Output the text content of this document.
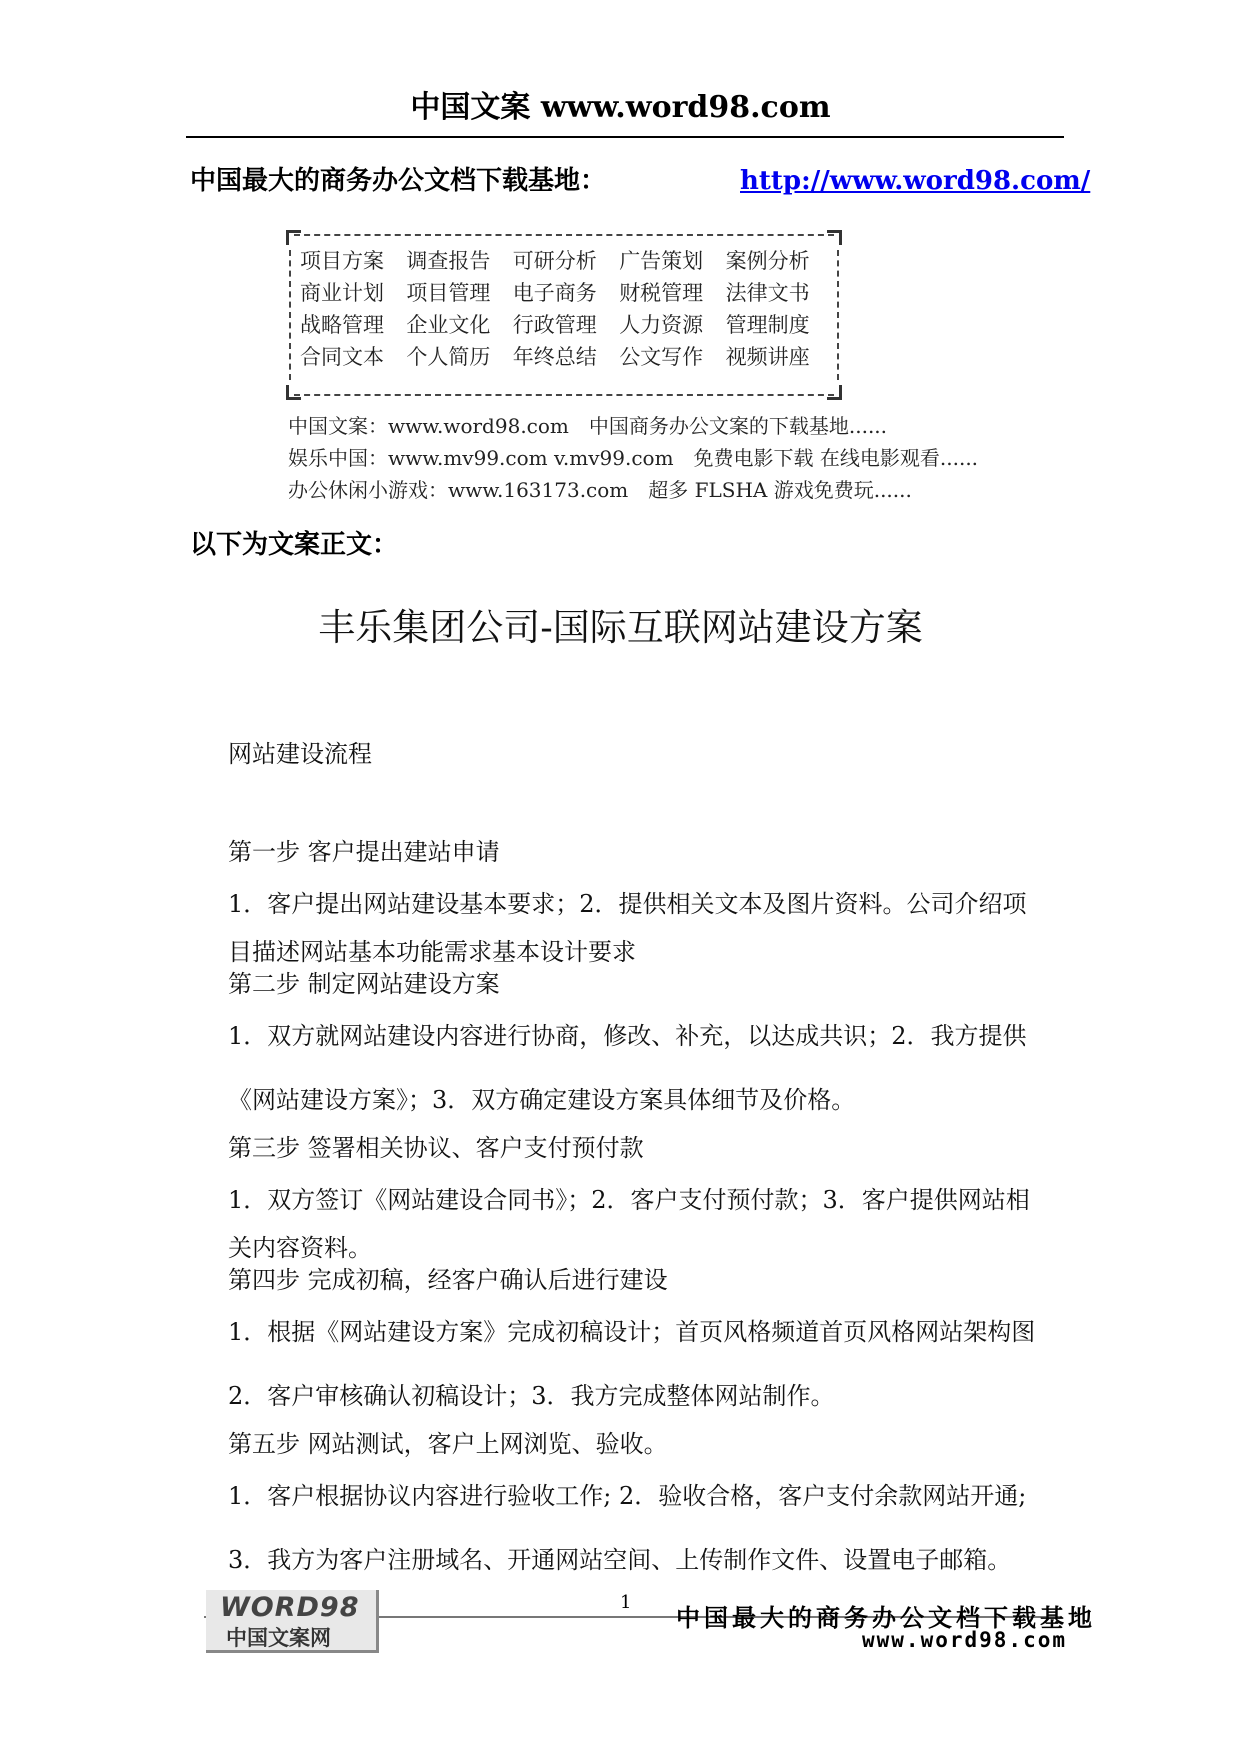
中国文案 www.word98.com
中国最大的商务办公文档下载基地：	http://www.word98.com/
项目方案	调查报告	可研分析	广告策划	案例分析
商业计划	项目管理	电子商务	财税管理	法律文书
战略管理	企业文化	行政管理	人力资源	管理制度
合同文本	个人简历	年终总结	公文写作	视频讲座
中国文案：www.word98.com　中国商务办公文案的下载基地......
娱乐中国：www.mv99.com v.mv99.com　免费电影下载 在线电影观看......
办公休闲小游戏：www.163173.com　超多 FLSHA 游戏免费玩......
以下为文案正文：
丰乐集团公司-国际互联网站建设方案
网站建设流程
第一步 客户提出建站申请
1．客户提出网站建设基本要求；2．提供相关文本及图片资料。公司介绍项
目描述网站基本功能需求基本设计要求
第二步 制定网站建设方案
1．双方就网站建设内容进行协商，修改、补充，以达成共识；2．我方提供
《网站建设方案》；3．双方确定建设方案具体细节及价格。
第三步 签署相关协议、客户支付预付款
1．双方签订《网站建设合同书》；2．客户支付预付款；3．客户提供网站相
关内容资料。
第四步 完成初稿，经客户确认后进行建设
1．根据《网站建设方案》完成初稿设计；首页风格频道首页风格网站架构图
2．客户审核确认初稿设计；3．我方完成整体网站制作。
第五步 网站测试，客户上网浏览、验收。
1．客户根据协议内容进行验收工作; 2．验收合格，客户支付余款网站开通;
3．我方为客户注册域名、开通网站空间、上传制作文件、设置电子邮箱。
WORD98
中国文案网
1
中国最大的商务办公文档下载基地
www.word98.com
